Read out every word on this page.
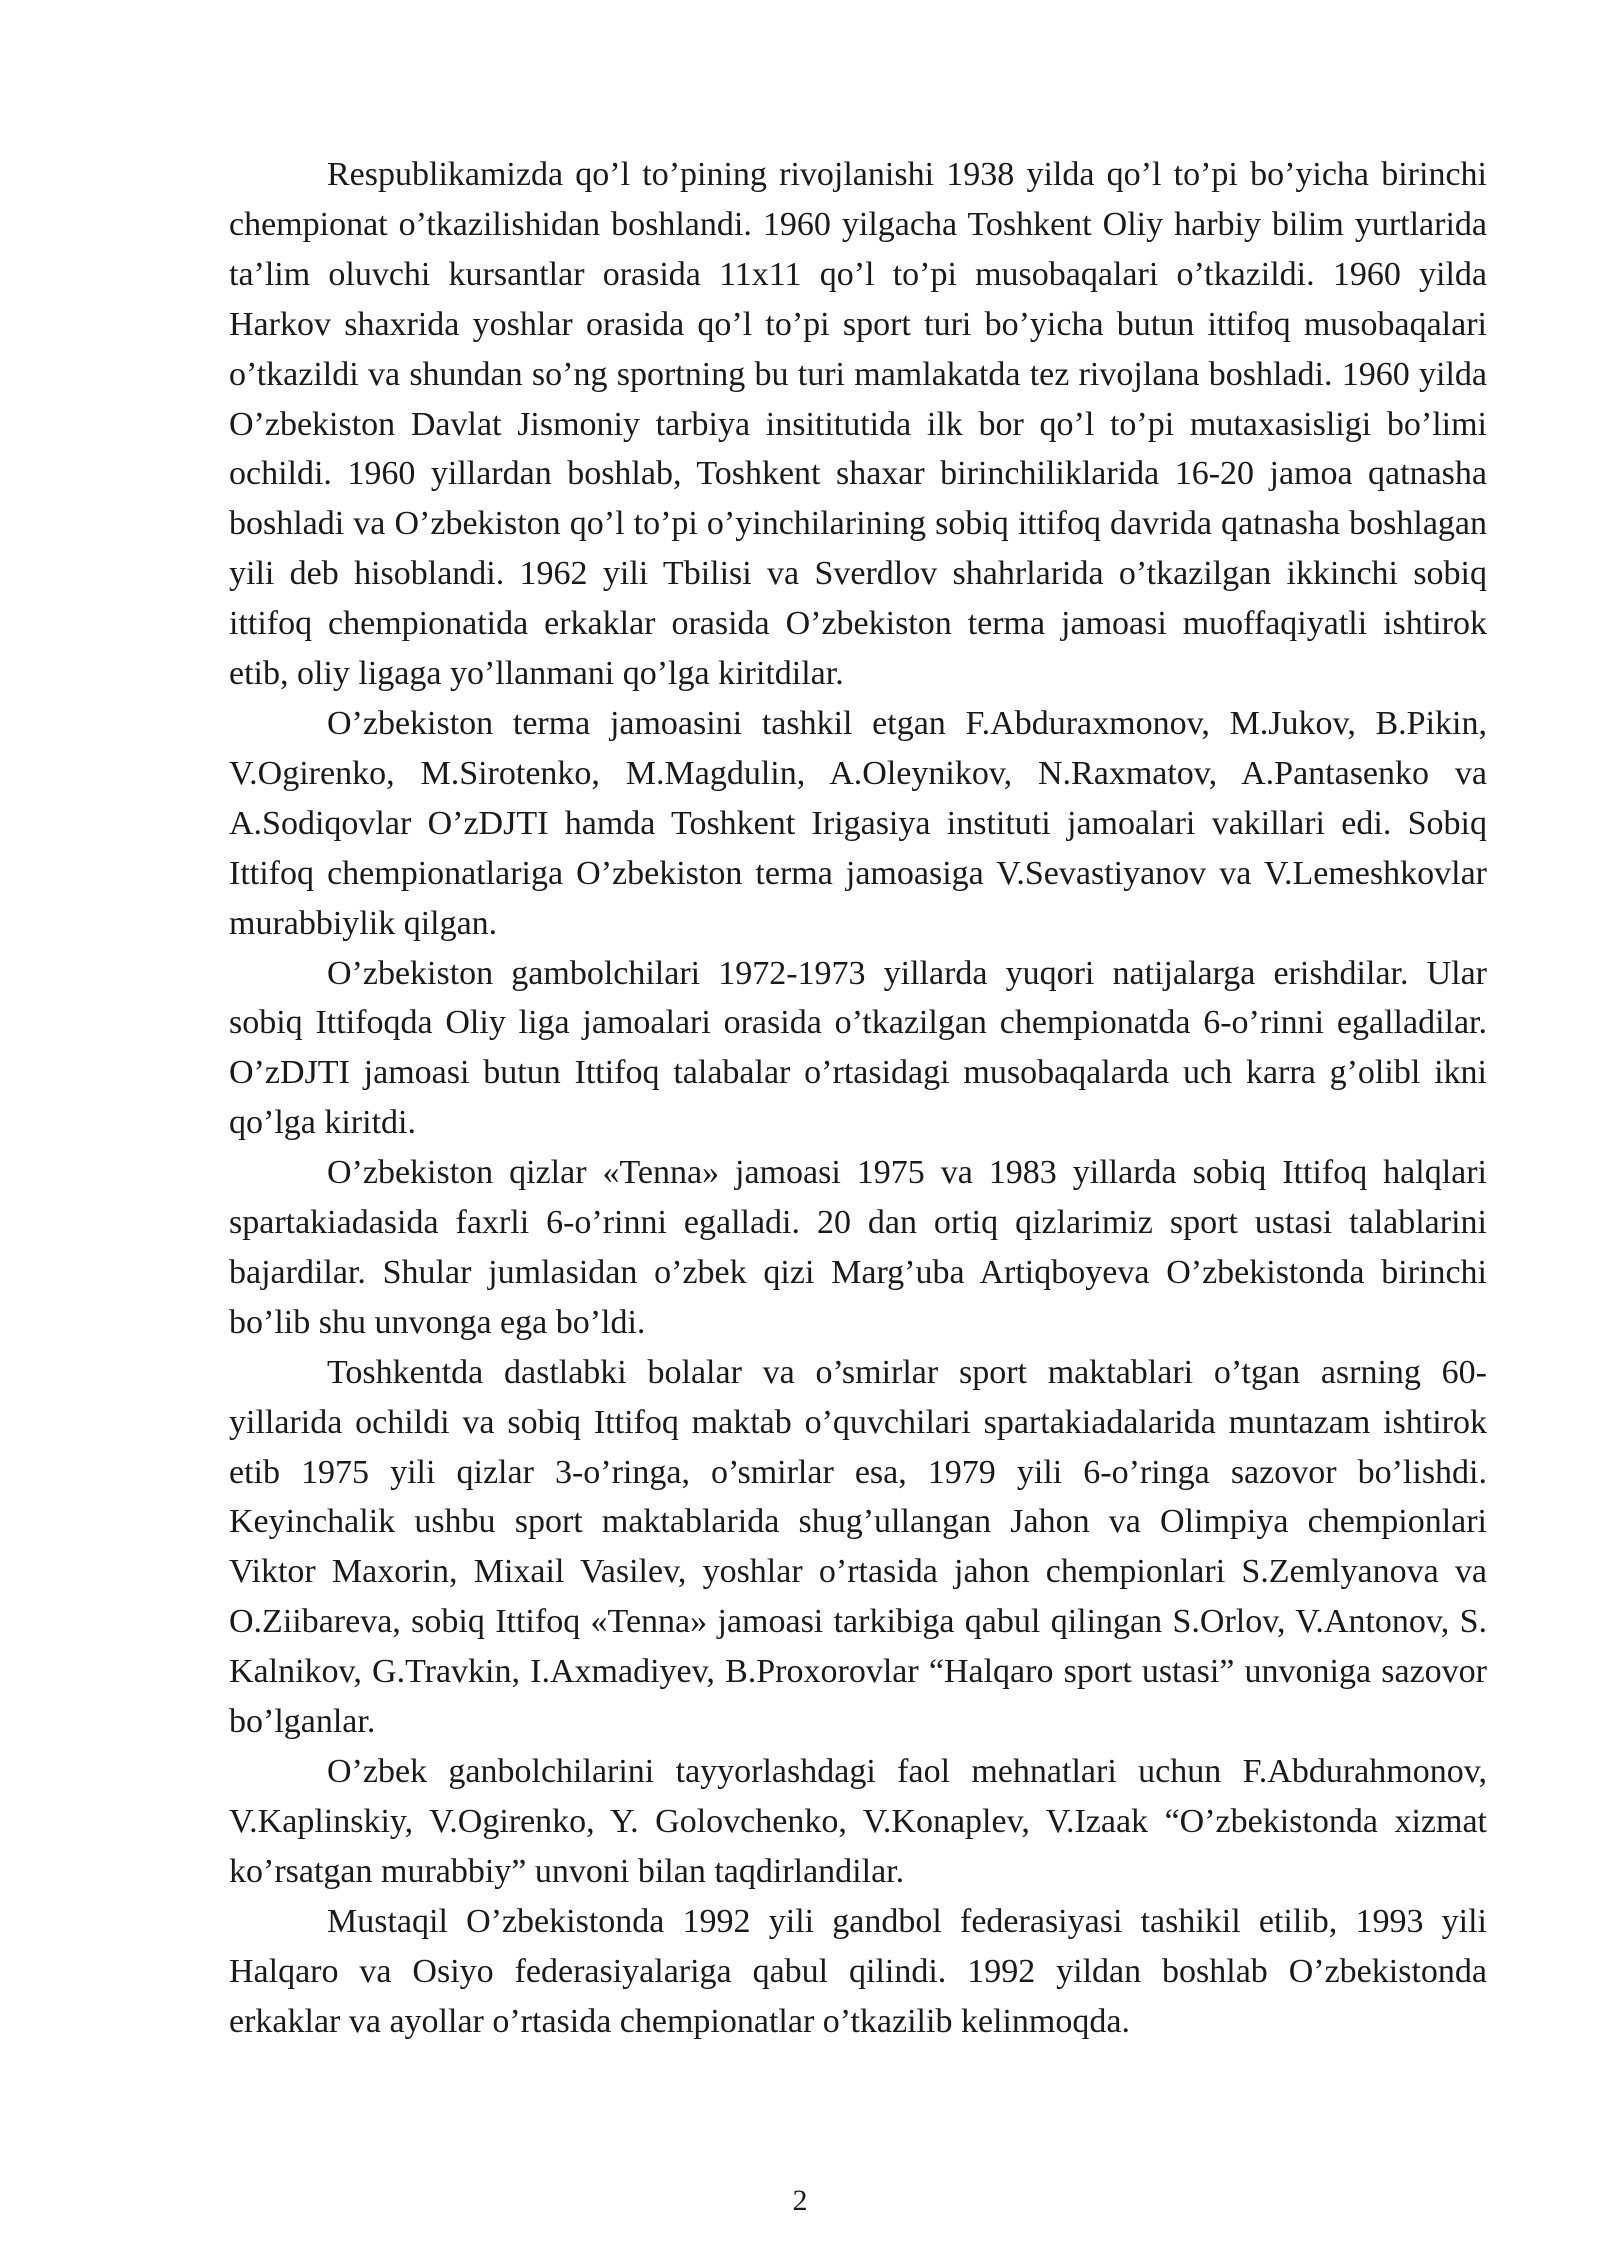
Respublikamizda qo’l to’pining rivojlanishi 1938 yilda qo’l to’pi bo’yicha birinchi chempionat o’tkazilishidan boshlandi. 1960 yilgacha Toshkent Oliy harbiy bilim yurtlarida ta’lim oluvchi kursantlar orasida 11x11 qo’l to’pi musobaqalari o’tkazildi. 1960 yilda Harkov shaxrida yoshlar orasida qo’l to’pi sport turi bo’yicha butun ittifoq musobaqalari o’tkazildi va shundan so’ng sportning bu turi mamlakatda tez rivojlana boshladi. 1960 yilda O’zbekiston Davlat Jismoniy tarbiya insititutida ilk bor qo’l to’pi mutaxasisligi bo’limi ochildi. 1960 yillardan boshlab, Toshkent shaxar birinchiliklarida 16-20 jamoa qatnasha boshladi va O’zbekiston qo’l to’pi o’yinchilarining sobiq ittifoq davrida qatnasha boshlagan yili deb hisoblandi. 1962 yili Tbilisi va Sverdlov shahrlarida o’tkazilgan ikkinchi sobiq ittifoq chempionatida erkaklar orasida O’zbekiston terma jamoasi muoffaqiyatli ishtirok etib, oliy ligaga yo’llanmani qo’lga kiritdilar.

O’zbekiston terma jamoasini tashkil etgan F.Abduraxmonov, M.Jukov, B.Pikin, V.Ogirenko, M.Sirotenko, M.Magdulin, A.Oleynikov, N.Raxmatov, A.Pantasenko va A.Sodiqovlar O’zDJTI hamda Toshkent Irigasiya instituti jamoalari vakillari edi. Sobiq Ittifoq chempionatlariga O’zbekiston terma jamoasiga V.Sevastiyanov va V.Lemeshkovlar murabbiylik qilgan.

O’zbekiston gambolchilari 1972-1973 yillarda yuqori natijalarga erishdilar. Ular sobiq Ittifoqda Oliy liga jamoalari orasida o’tkazilgan chempionatda 6-o’rinni egalladilar. O’zDJTI jamoasi butun Ittifoq talabalar o’rtasidagi musobaqalarda uch karra g’olibl ikni qo’lga kiritdi.

O’zbekiston qizlar «Tenna» jamoasi 1975 va 1983 yillarda sobiq Ittifoq halqlari spartakiadasida faxrli 6-o’rinni egalladi. 20 dan ortiq qizlarimiz sport ustasi talablarini bajardilar. Shular jumlasidan o’zbek qizi Marg’uba Artiqboyeva O’zbekistonda birinchi bo’lib shu unvonga ega bo’ldi.

Toshkentda dastlabki bolalar va o’smirlar sport maktablari o’tgan asrning 60-yillarida ochildi va sobiq Ittifoq maktab o’quvchilari spartakiadalarida muntazam ishtirok etib 1975 yili qizlar 3-o’ringa, o’smirlar esa, 1979 yili 6-o’ringa sazovor bo’lishdi. Keyinchalik ushbu sport maktablarida shug’ullangan Jahon va Olimpiya chempionlari Viktor Maxorin, Mixail Vasilev, yoshlar o’rtasida jahon chempionlari S.Zemlyanova va O.Ziibareva, sobiq Ittifoq «Tenna» jamoasi tarkibiga qabul qilingan S.Orlov, V.Antonov, S. Kalnikov, G.Travkin, I.Axmadiyev, B.Proxorovlar “Halqaro sport ustasi” unvoniga sazovor bo’lganlar.

O’zbek ganbolchilarini tayyorlashdagi faol mehnatlari uchun F.Abdurahmonov, V.Kaplinskiy, V.Ogirenko, Y. Golovchenko, V.Konaplev, V.Izaak “O’zbekistonda xizmat ko’rsatgan murabbiy” unvoni bilan taqdirlandilar.

Mustaqil O’zbekistonda 1992 yili gandbol federasiyasi tashikil etilib, 1993 yili Halqaro va Osiyo federasiyalariga qabul qilindi. 1992 yildan boshlab O’zbekistonda erkaklar va ayollar o’rtasida chempionatlar o’tkazilib kelinmoqda.

2
